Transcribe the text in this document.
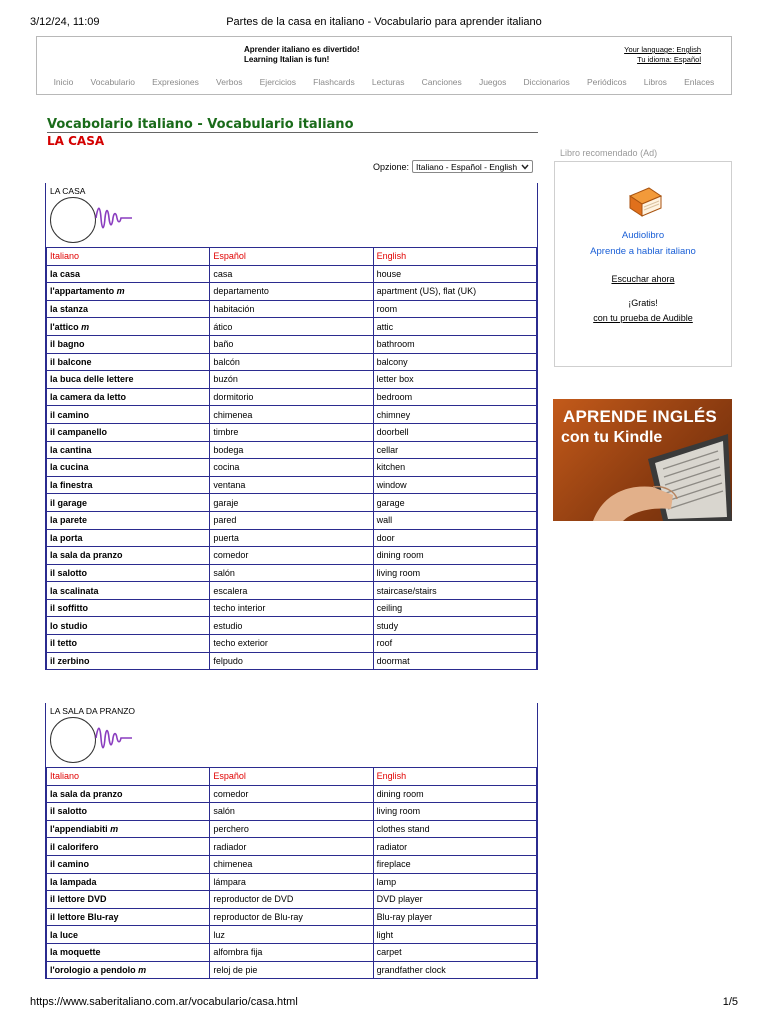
3/12/24, 11:09	Partes de la casa en italiano - Vocabulario para aprender italiano
Aprender italiano es divertido!
Learning Italian is fun!
Your language: English
Tu idioma: Español
Inicio Vocabulario Expresiones Verbos Ejercicios Flashcards Lecturas Canciones Juegos Diccionarios Periódicos Libros Enlaces
Vocabolario italiano - Vocabulario italiano
LA CASA
Opzione: Italiano - Español - English
LA CASA
Italiano	Español	English
la casa	casa	house
l'appartamento m	departamento	apartment (US), flat (UK)
la stanza	habitación	room
l'attico m	ático	attic
il bagno	baño	bathroom
il balcone	balcón	balcony
la buca delle lettere	buzón	letter box
la camera da letto	dormitorio	bedroom
il camino	chimenea	chimney
il campanello	timbre	doorbell
la cantina	bodega	cellar
la cucina	cocina	kitchen
la finestra	ventana	window
il garage	garaje	garage
la parete	pared	wall
la porta	puerta	door
la sala da pranzo	comedor	dining room
il salotto	salón	living room
la scalinata	escalera	staircase/stairs
il soffitto	techo interior	ceiling
lo studio	estudio	study
il tetto	techo exterior	roof
il zerbino	felpudo	doormat
LA SALA DA PRANZO
Italiano	Español	English
la sala da pranzo	comedor	dining room
il salotto	salón	living room
l'appendiabiti m	perchero	clothes stand
il calorifero	radiador	radiator
il camino	chimenea	fireplace
la lampada	lámpara	lamp
il lettore DVD	reproductor de DVD	DVD player
il lettore Blu-ray	reproductor de Blu-ray	Blu-ray player
la luce	luz	light
la moquette	alfombra fija	carpet
l'orologio a pendolo m	reloj de pie	grandfather clock
Libro recomendado (Ad)
Audiolibro
Aprende a hablar italiano
Escuchar ahora
¡Gratis!
con tu prueba de Audible
APRENDE INGLÉS
con tu Kindle
https://www.saberitaliano.com.ar/vocabulario/casa.html	1/5
